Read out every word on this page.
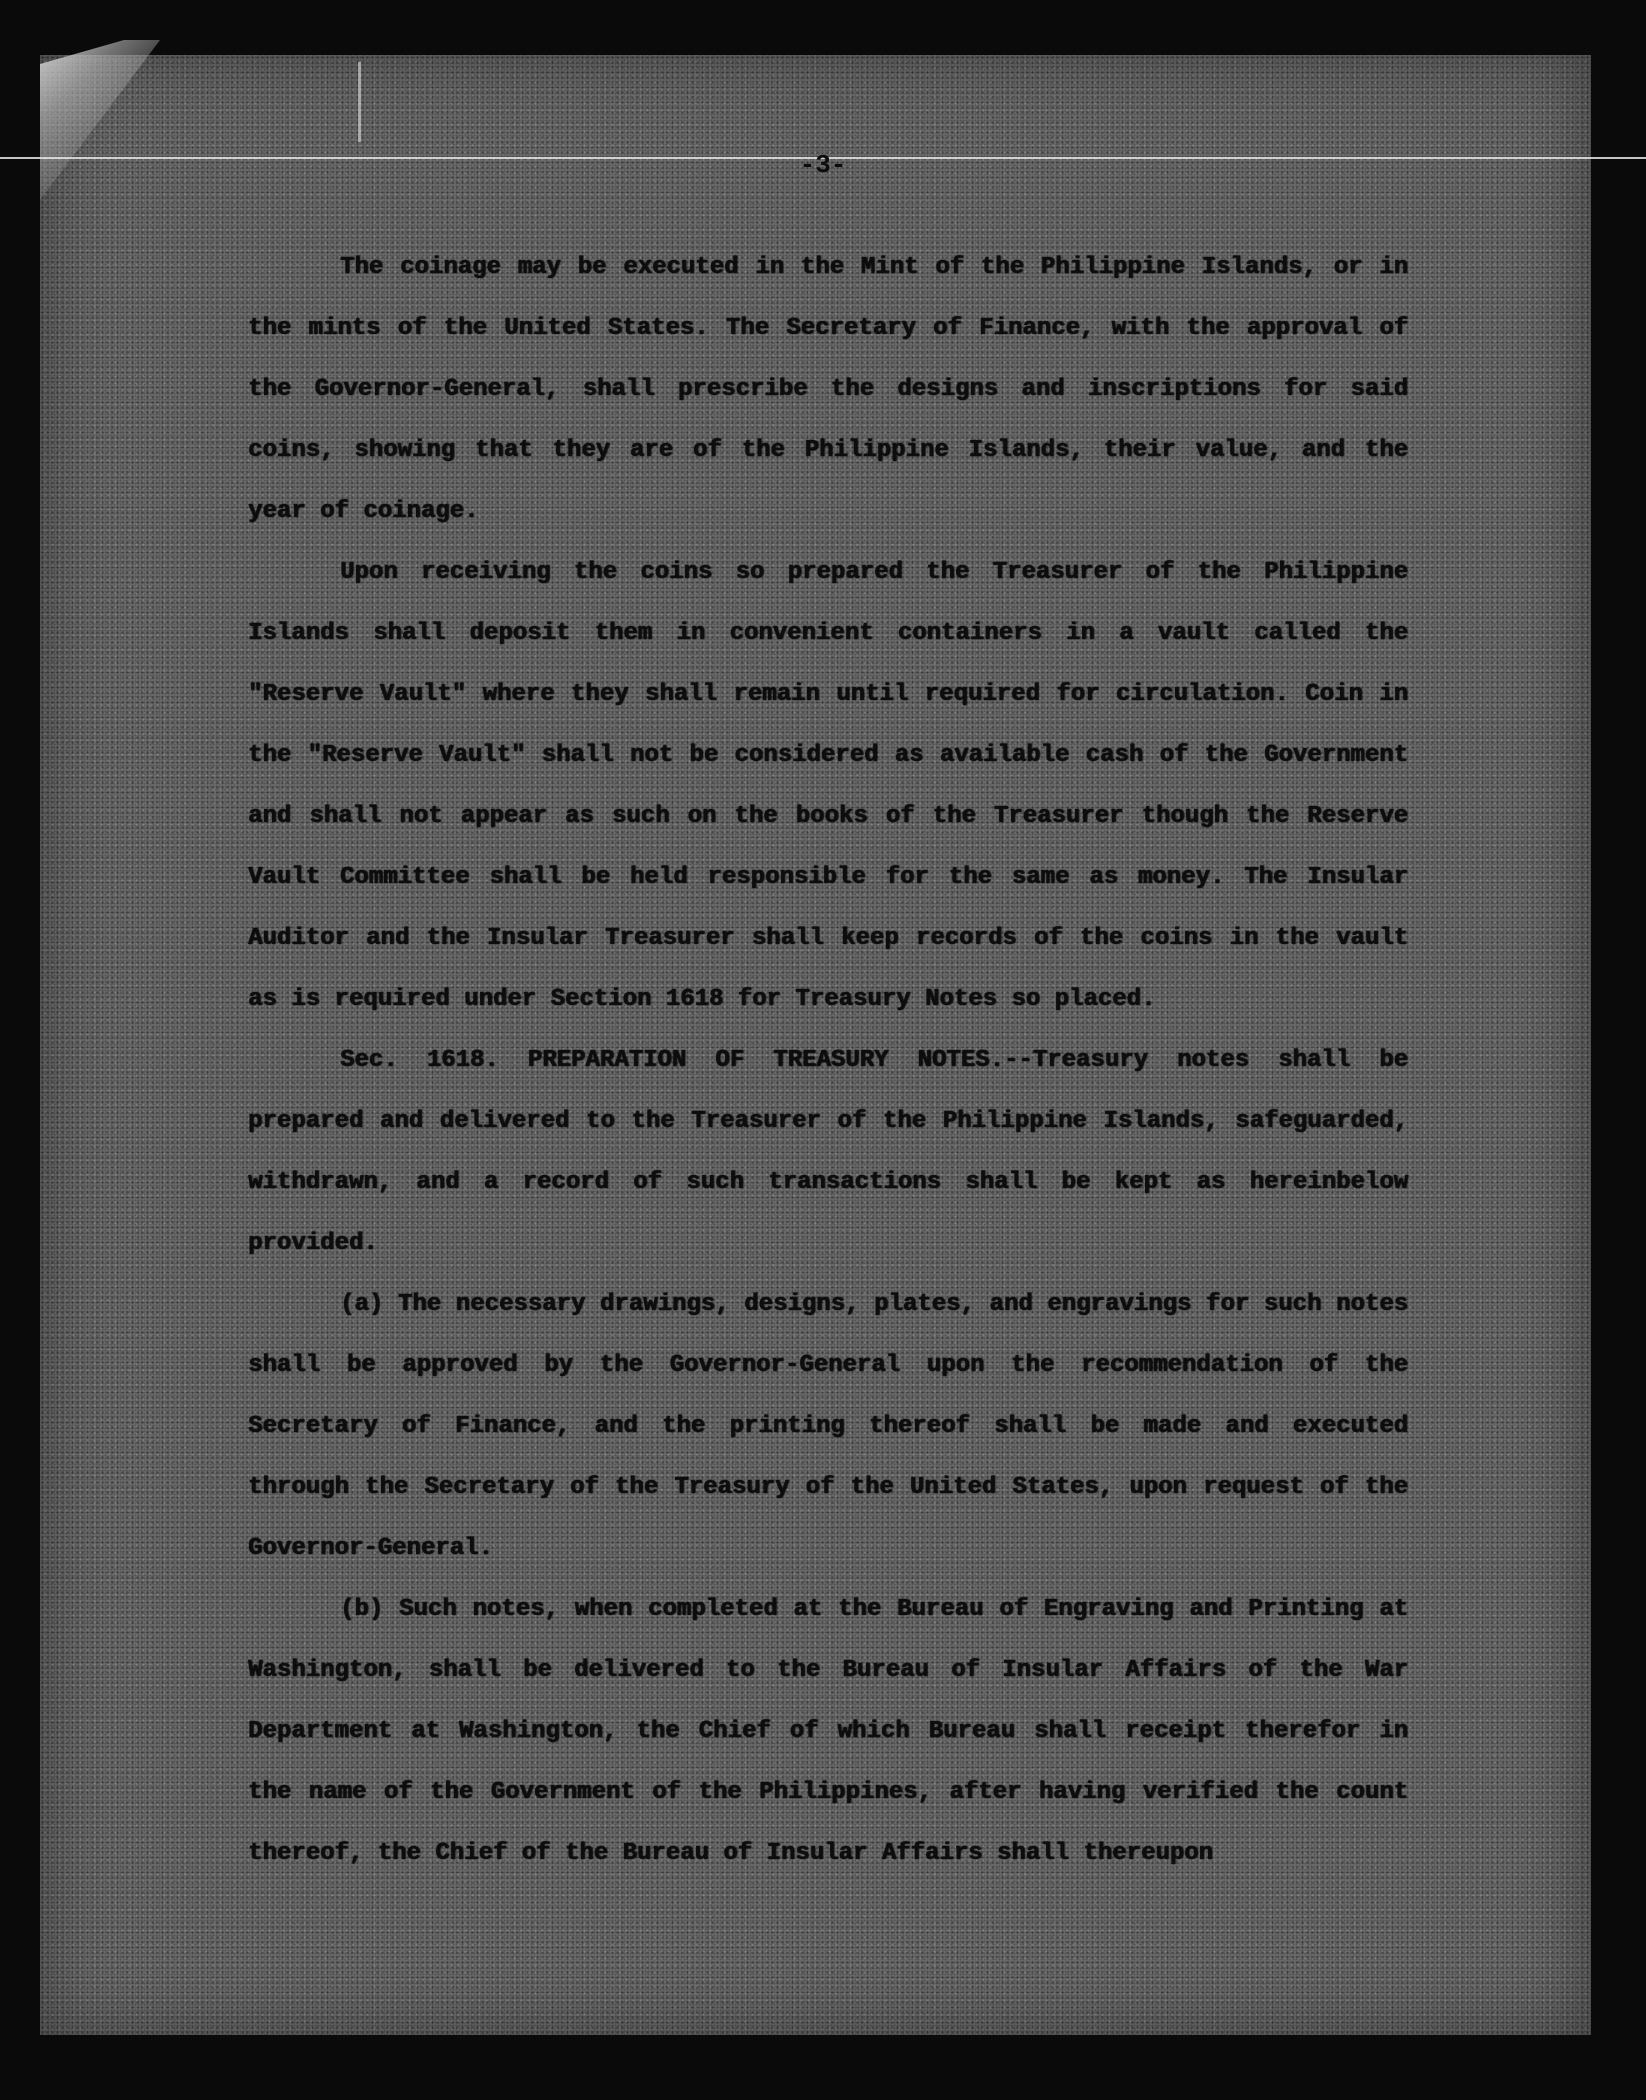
-3-

The coinage may be executed in the Mint of the Philippine Islands, or in the mints of the United States. The Secretary of Finance, with the approval of the Governor-General, shall prescribe the designs and inscriptions for said coins, showing that they are of the Philippine Islands, their value, and the year of coinage.

Upon receiving the coins so prepared the Treasurer of the Philippine Islands shall deposit them in convenient containers in a vault called the "Reserve Vault" where they shall remain until required for circulation. Coin in the "Reserve Vault" shall not be considered as available cash of the Government and shall not appear as such on the books of the Treasurer though the Reserve Vault Committee shall be held responsible for the same as money. The Insular Auditor and the Insular Treasurer shall keep records of the coins in the vault as is required under Section 1618 for Treasury Notes so placed.

Sec. 1618. PREPARATION OF TREASURY NOTES.--Treasury notes shall be prepared and delivered to the Treasurer of the Philippine Islands, safeguarded, withdrawn, and a record of such transactions shall be kept as hereinbelow provided.

(a) The necessary drawings, designs, plates, and engravings for such notes shall be approved by the Governor-General upon the recommendation of the Secretary of Finance, and the printing thereof shall be made and executed through the Secretary of the Treasury of the United States, upon request of the Governor-General.

(b) Such notes, when completed at the Bureau of Engraving and Printing at Washington, shall be delivered to the Bureau of Insular Affairs of the War Department at Washington, the Chief of which Bureau shall receipt therefor in the name of the Government of the Philippines, after having verified the count thereof, the Chief of the Bureau of Insular Affairs shall thereupon
